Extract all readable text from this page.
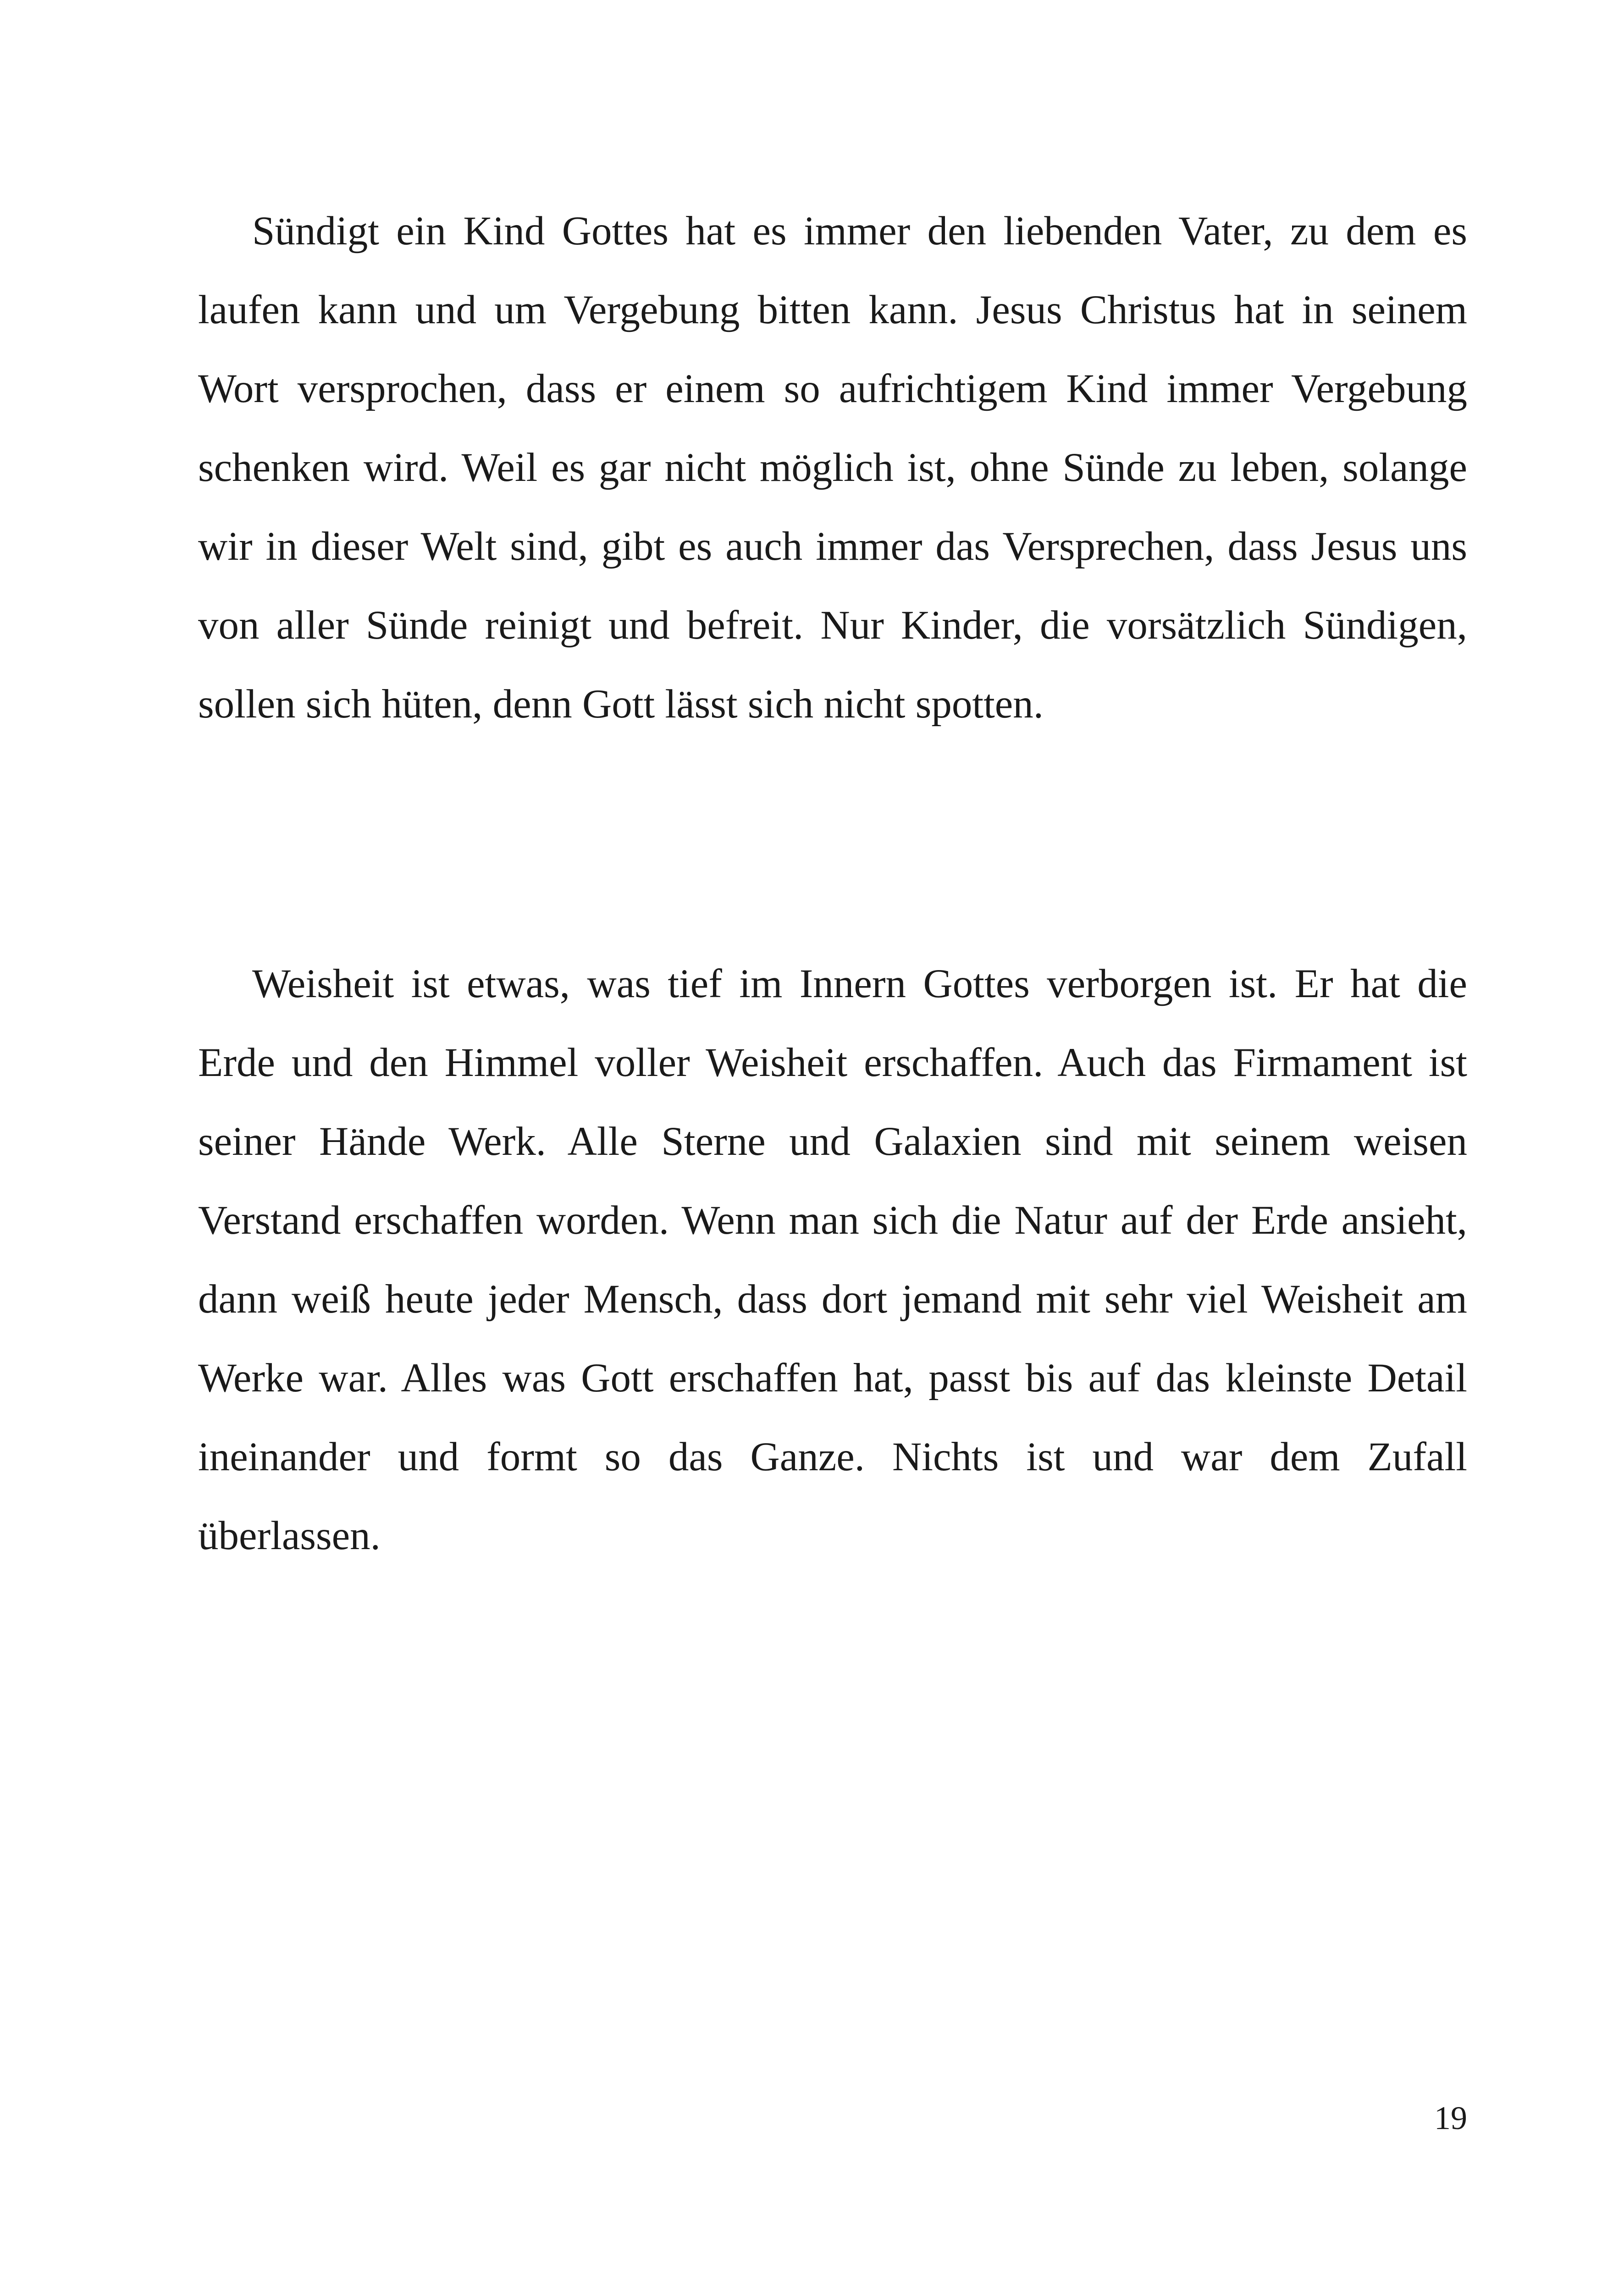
Sündigt ein Kind Gottes hat es immer den liebenden Vater, zu dem es laufen kann und um Vergebung bitten kann. Jesus Christus hat in seinem Wort versprochen, dass er einem so aufrichtigem Kind immer Vergebung schenken wird. Weil es gar nicht möglich ist, ohne Sünde zu leben, solange wir in dieser Welt sind, gibt es auch immer das Versprechen, dass Jesus uns von aller Sünde reinigt und befreit. Nur Kinder, die vorsätzlich Sündigen, sollen sich hüten, denn Gott lässt sich nicht spotten.

Weisheit ist etwas, was tief im Innern Gottes verborgen ist. Er hat die Erde und den Himmel voller Weisheit erschaffen. Auch das Firmament ist seiner Hände Werk. Alle Sterne und Galaxien sind mit seinem weisen Verstand erschaffen worden. Wenn man sich die Natur auf der Erde ansieht, dann weiß heute jeder Mensch, dass dort jemand mit sehr viel Weisheit am Werke war. Alles was Gott erschaffen hat, passt bis auf das kleinste Detail ineinander und formt so das Ganze. Nichts ist und war dem Zufall überlassen.

19
